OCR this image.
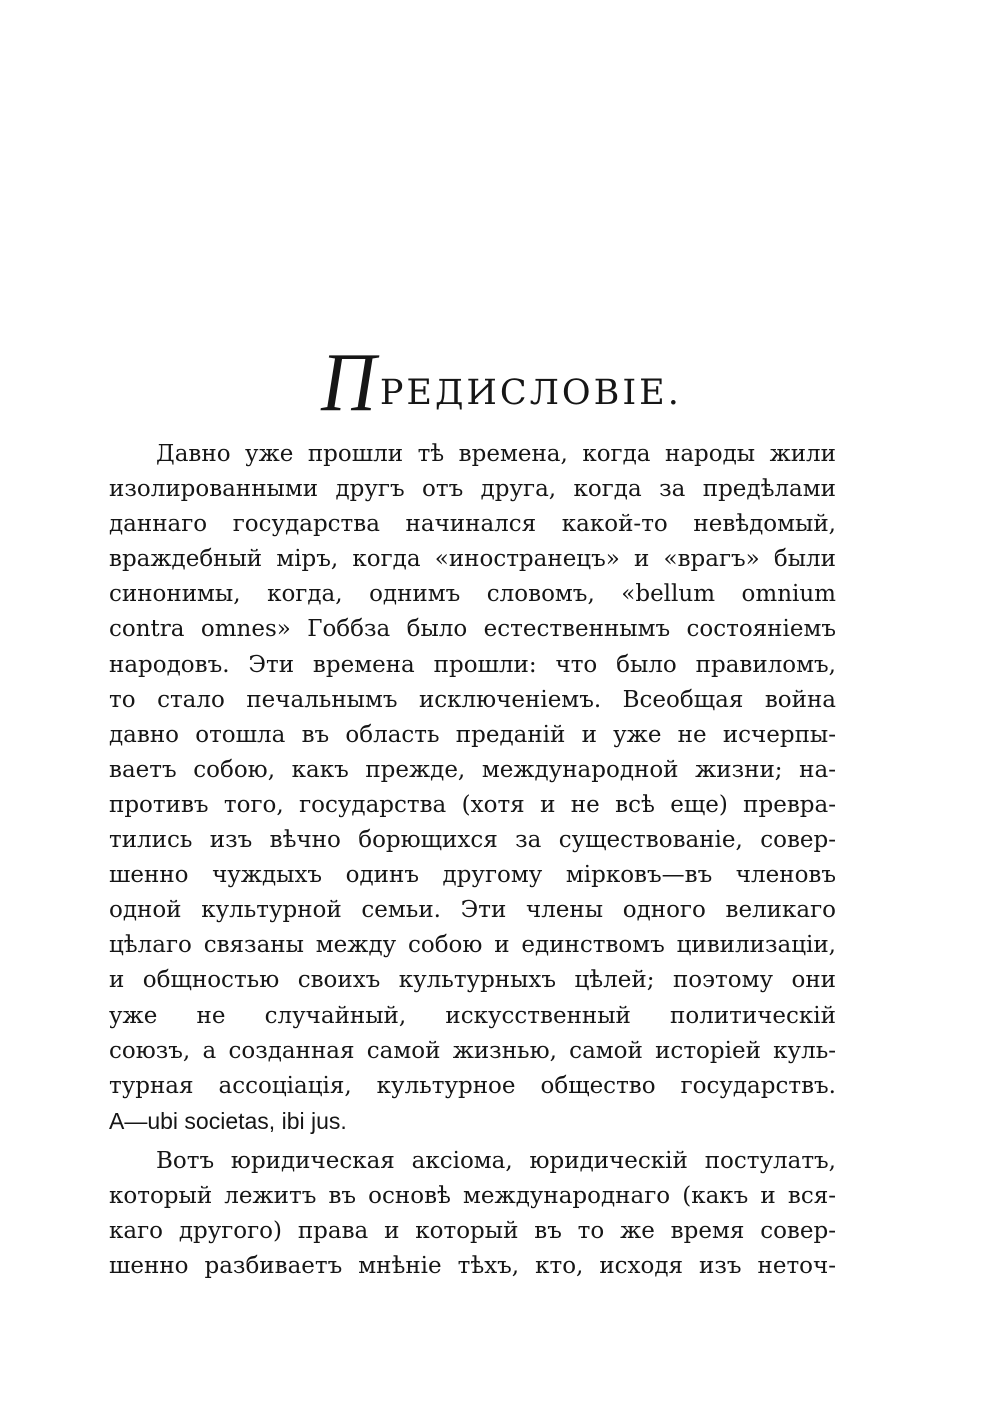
ПРЕДИСЛОВІЕ.
Давно уже прошли тѣ времена, когда народы жили
изолированными другъ отъ друга, когда за предѣлами
даннаго государства начинался какой-то невѣдомый,
враждебный міръ, когда «иностранецъ» и «врагъ» были
синонимы, когда, однимъ словомъ, «bellum omnium
contra omnes» Гоббза было естественнымъ состояніемъ
народовъ. Эти времена прошли: что было правиломъ,
то стало печальнымъ исключеніемъ. Всеобщая война
давно отошла въ область преданій и уже не исчерпы-
ваетъ собою, какъ прежде, международной жизни; на-
противъ того, государства (хотя и не всѣ еще) превра-
тились изъ вѣчно борющихся за существованіе, совер-
шенно чуждыхъ одинъ другому мірковъ—въ членовъ
одной культурной семьи. Эти члены одного великаго
цѣлаго связаны между собою и единствомъ цивилизаціи,
и общностью своихъ культурныхъ цѣлей; поэтому они
уже не случайный, искусственный политическій
союзъ, а созданная самой жизнью, самой исторіей куль-
турная ассоціація, культурное общество государствъ.
A—ubi societas, ibi jus.
Вотъ юридическая аксіома, юридическій постулатъ,
который лежитъ въ основѣ международнаго (какъ и вся-
каго другого) права и который въ то же время совер-
шенно разбиваетъ мнѣніе тѣхъ, кто, исходя изъ неточ-
